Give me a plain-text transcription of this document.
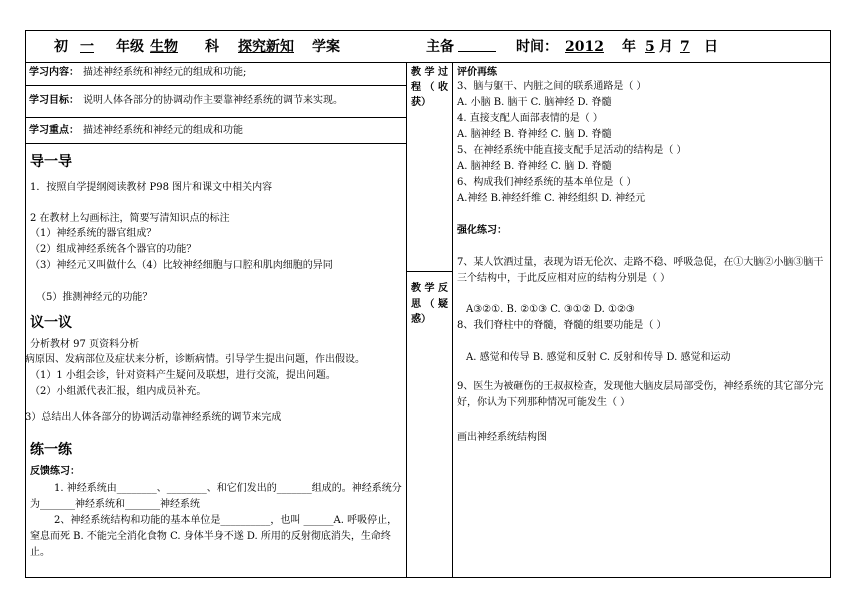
初 一 年级 生物 科 探究新知 学案	主备	时间： 2012 年 5 月 7 日
学习内容： 描述神经系统和神经元的组成和功能;
学习目标： 说明人体各部分的协调动作主要靠神经系统的调节来实现。
学习重点： 描述神经系统和神经元的组成和功能
导一导
1．按照自学提纲阅读教材 P98 图片和课文中相关内容
2 在教材上勾画标注，简要写清知识点的标注
（1）神经系统的器官组成？
（2）组成神经系统各个器官的功能？
（3）神经元又叫做什么（4）比较神经细胞与口腔和肌肉细胞的异同
（5）推测神经元的功能？
议一议
分析教材 97 页资料分析
病原因、发病部位及症状来分析，诊断病情。引导学生提出问题，作出假设。
（1）1 小组会诊，针对资料产生疑问及联想，进行交流，提出问题。
（2）小组派代表汇报，组内成员补充。
3）总结出人体各部分的协调活动靠神经系统的调节来完成
练一练
反馈练习：
1. 神经系统由________、________、和它们发出的_______组成的。神经系统分为_______神经系统和_______神经系统
2、神经系统结构和功能的基本单位是__________，也叫 ______A. 呼吸停止，窒息而死 B. 不能完全消化食物 C. 身体半身不遂 D. 所用的反射彻底消失，生命终止。
教 学 过
程 （ 收
获）
教 学 反
思 （ 疑
惑）
评价再练
3、脑与躯干、内脏之间的联系通路是（ ）
A. 小脑 B. 脑干 C. 脑神经 D. 脊髓
4. 直接支配人面部表情的是（ ）
A. 脑神经 B. 脊神经 C. 脑 D. 脊髓
5、在神经系统中能直接支配手足活动的结构是（ ）
A. 脑神经 B. 脊神经 C. 脑 D. 脊髓
6、构成我们神经系统的基本单位是（ ）
A.神经 B.神经纤维 C. 神经组织 D. 神经元
强化练习：
7、某人饮酒过量，表现为语无伦次、走路不稳、呼吸急促，在①大脑②小脑③脑干三个结构中，于此反应相对应的结构分别是（ ）
A③②①. B. ②①③ C. ③①② D. ①②③
8、我们脊柱中的脊髓，脊髓的组要功能是（ ）
A. 感觉和传导 B. 感觉和反射 C. 反射和传导 D. 感觉和运动
9、医生为被砸伤的王叔叔检查，发现他大脑皮层局部受伤，神经系统的其它部分完好，你认为下列那种情况可能发生（ ）
画出神经系统结构图
